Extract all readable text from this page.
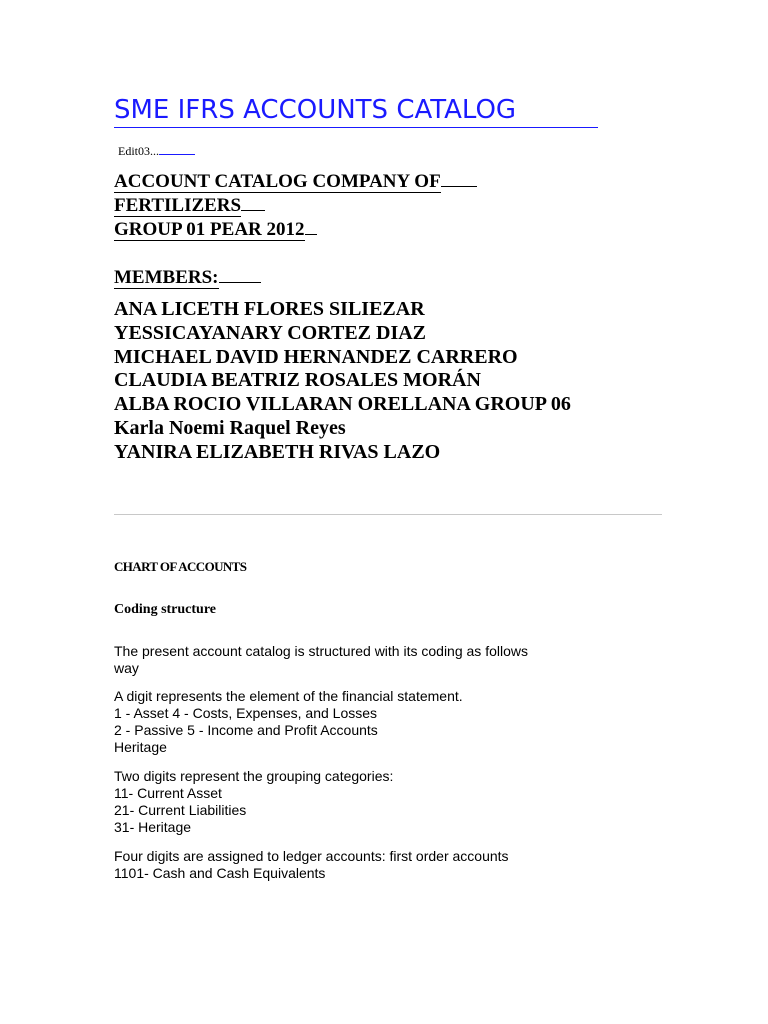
SME IFRS ACCOUNTS CATALOG
Edit03...
ACCOUNT CATALOG COMPANY OF
FERTILIZERS
GROUP 01 PEAR 2012
MEMBERS:
ANA LICETH FLORES SILIEZAR
YESSICAYANARY CORTEZ DIAZ
MICHAEL DAVID HERNANDEZ CARRERO
CLAUDIA BEATRIZ ROSALES MORÁN
ALBA ROCIO VILLARAN ORELLANA GROUP 06
Karla Noemi Raquel Reyes
YANIRA ELIZABETH RIVAS LAZO
CHART OF ACCOUNTS
Coding structure
The present account catalog is structured with its coding as follows
way
A digit represents the element of the financial statement.
1 - Asset 4 - Costs, Expenses, and Losses
2 - Passive 5 - Income and Profit Accounts
Heritage
Two digits represent the grouping categories:
11- Current Asset
21- Current Liabilities
31- Heritage
Four digits are assigned to ledger accounts: first order accounts
1101- Cash and Cash Equivalents
